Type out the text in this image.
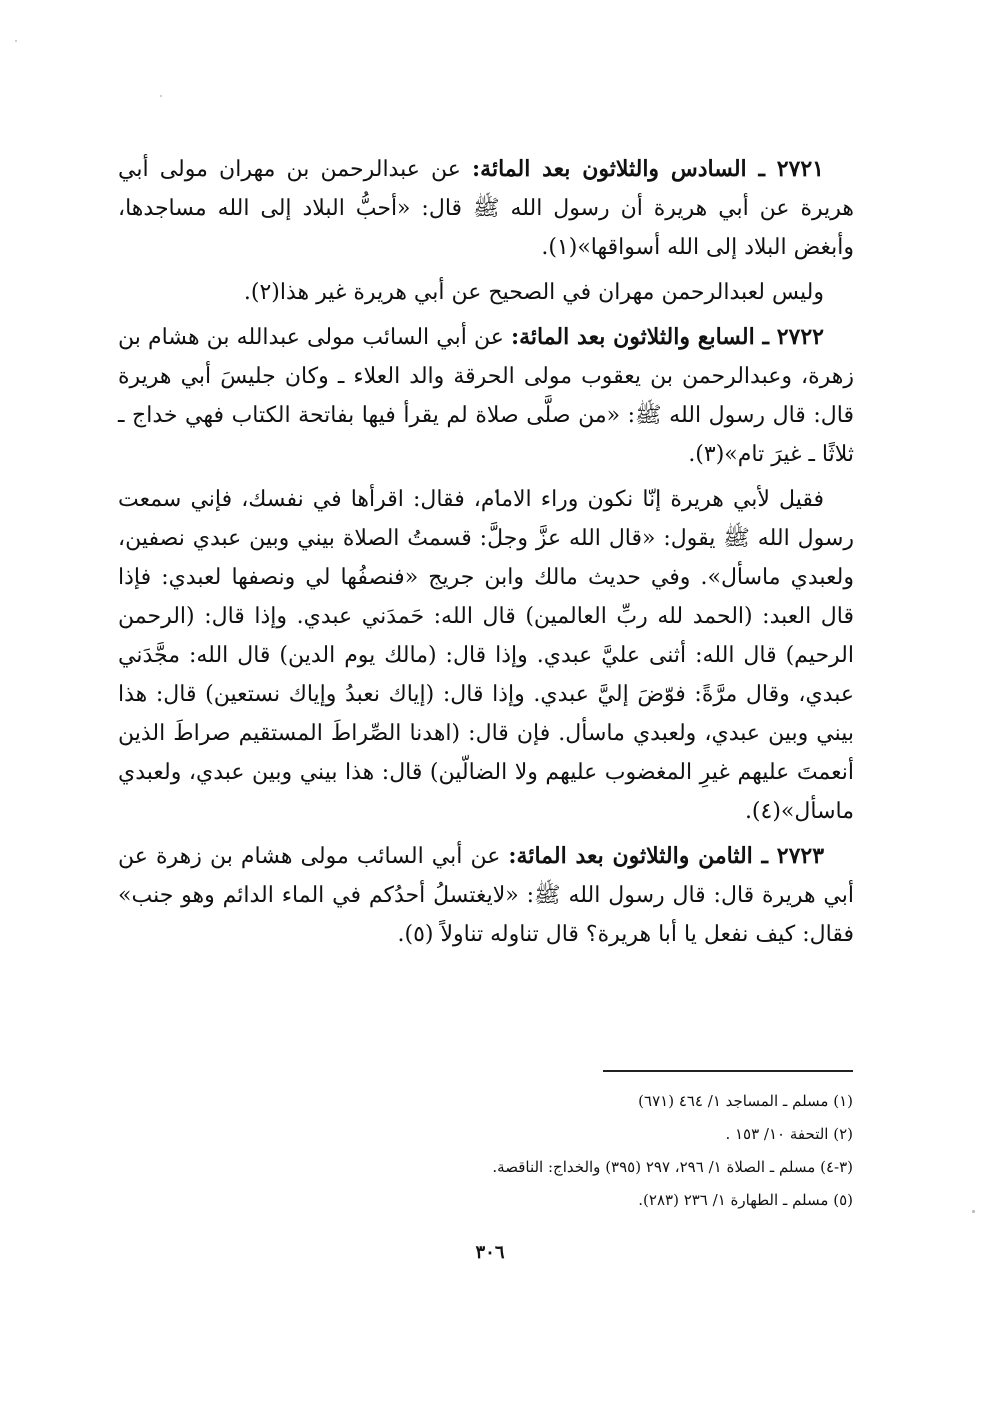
٢٧٢١ ـ السادس والثلاثون بعد المائة: عن عبدالرحمن بن مهران مولى أبي هريرة عن أبي هريرة أن رسول الله ﷺ قال: «أحبُّ البلاد إلى الله مساجدها، وأبغض البلاد إلى الله أسواقها»(١).

وليس لعبدالرحمن مهران في الصحيح عن أبي هريرة غير هذا(٢).

٢٧٢٢ ـ السابع والثلاثون بعد المائة: عن أبي السائب مولى عبدالله بن هشام بن زهرة، وعبدالرحمن بن يعقوب مولى الحرقة والد العلاء ـ وكان جليسَ أبي هريرة قال: قال رسول الله ﷺ: «من صلَّى صلاة لم يقرأ فيها بفاتحة الكتاب فهي خداج ـ ثلاثًا ـ غيرَ تام»(٣).

فقيل لأبي هريرة إنّا نكون وراء الامام، فقال: اقرأها في نفسك، فإني سمعت رسول الله ﷺ يقول: «قال الله عزَّ وجلَّ: قسمتُ الصلاة بيني وبين عبدي نصفين، ولعبدي ماسأل». وفي حديث مالك وابن جريج «فنصفُها لي ونصفها لعبدي: فإذا قال العبد: (الحمد لله ربِّ العالمين) قال الله: حَمدَني عبدي. وإذا قال: (الرحمن الرحيم) قال الله: أثنى عليَّ عبدي. وإذا قال: (مالك يوم الدين) قال الله: مجَّدَني عبدي، وقال مرَّةً: فوّضَ إليَّ عبدي. وإذا قال: (إياك نعبدُ وإياك نستعين) قال: هذا بيني وبين عبدي، ولعبدي ماسأل. فإن قال: (اهدنا الصِّراطَ المستقيم صراطَ الذين أنعمتَ عليهم غيرِ المغضوب عليهم ولا الضالّين) قال: هذا بيني وبين عبدي، ولعبدي ماسأل»(٤).

٢٧٢٣ ـ الثامن والثلاثون بعد المائة: عن أبي السائب مولى هشام بن زهرة عن أبي هريرة قال: قال رسول الله ﷺ: «لايغتسلُ أحدُكم في الماء الدائم وهو جنب» فقال: كيف نفعل يا أبا هريرة؟ قال تناوله تناولاً (٥).

(١) مسلم ـ المساجد ١/ ٤٦٤ (٦٧١)

(٢) التحفة ١٠/ ١٥٣ .

(٣-٤) مسلم ـ الصلاة ١/ ٢٩٦، ٢٩٧ (٣٩٥) والخداج: الناقصة.

(٥) مسلم ـ الطهارة ١/ ٢٣٦ (٢٨٣).

٣٠٦
